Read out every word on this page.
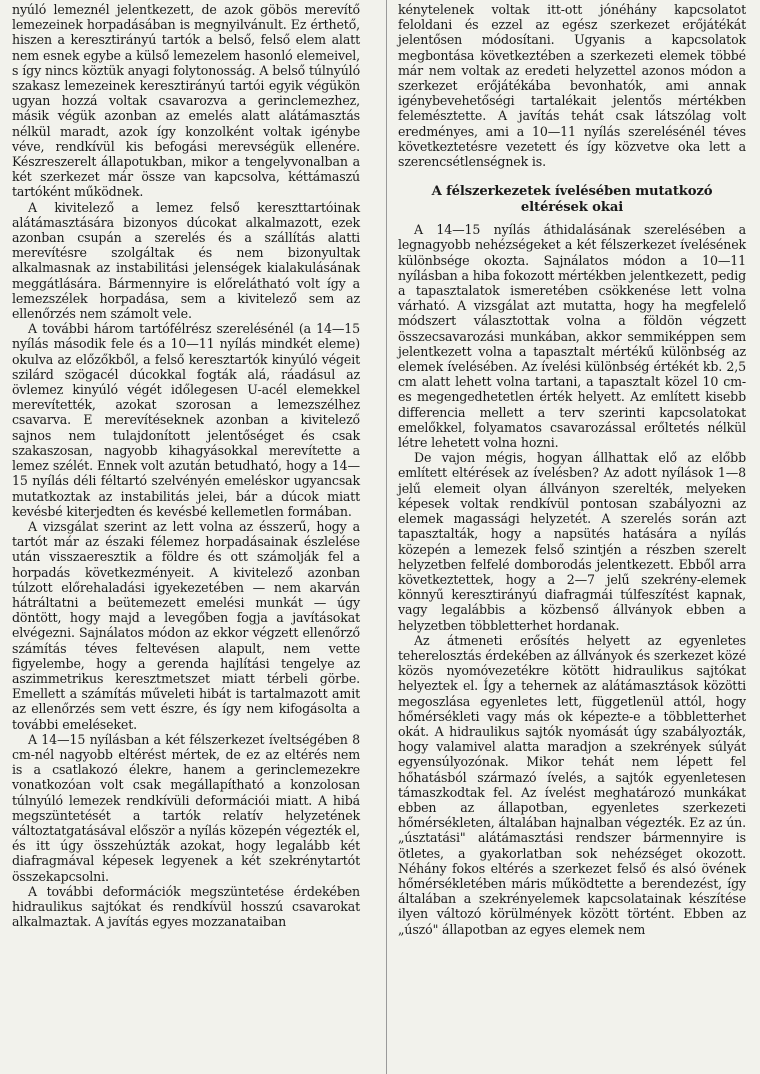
nyúló lemeznél jelentkezett, de azok göbös merevítő lemezeinek horpadásában is megnyilvánult. Ez érthető, hiszen a keresztirányú tartók a belső, felső elem alatt nem esnek egybe a külső lemezelem hasonló elemeivel, s így nincs köztük anyagi folytonosság. A belső túlnyúló szakasz lemezeinek keresztirányú tartói egyik végükön ugyan hozzá voltak csavarozva a gerinclemezhez, másik végük azonban az emelés alatt alátámasztás nélkül maradt, azok így konzolként voltak igénybe véve, rendkívül kis befogási merevségük ellenére. Készreszerelt állapotukban, mikor a tengelyvonalban a két szerkezet már össze van kapcsolva, kéttámaszú tartóként működnek.

A kivitelező a lemez felső kereszttartóinak alátámasztására bizonyos dúcokat alkalmazott, ezek azonban csupán a szerelés és a szállítás alatti merevítésre szolgáltak és nem bizonyultak alkalmasnak az instabilitási jelenségek kialakulásának meggátlására. Bármennyire is előrelátható volt így a lemezszélek horpadása, sem a kivitelező sem az ellenőrzés nem számolt vele.

A további három tartófélrész szerelésénél (a 14—15 nyílás második fele és a 10—11 nyílás mindkét eleme) okulva az előzőkből, a felső keresztartók kinyúló végeit szilárd szögacél dúcokkal fogták alá, ráadásul az övlemez kinyúló végét időlegesen U-acél elemekkel merevítették, azokat szorosan a lemezszélhez csavarva. E merevítéseknek azonban a kivitelező sajnos nem tulajdonított jelentőséget és csak szakaszosan, nagyobb kihagyásokkal merevítette a lemez szélét. Ennek volt azután betudható, hogy a 14—15 nyílás déli féltartó szelvényén emeléskor ugyancsak mutatkoztak az instabilitás jelei, bár a dúcok miatt kevésbé kiterjedten és kevésbé kellemetlen formában.

A vizsgálat szerint az lett volna az ésszerű, hogy a tartót már az északi félemez horpadásainak észlelése után visszaeresztik a földre és ott számolják fel a horpadás következményeit. A kivitelező azonban túlzott előrehaladási igyekezetében — nem akarván hátráltatni a beütemezett emelési munkát — úgy döntött, hogy majd a levegőben fogja a javításokat elvégezni. Sajnálatos módon az ekkor végzett ellenőrző számítás téves feltevésen alapult, nem vette figyelembe, hogy a gerenda hajlítási tengelye az aszimmetrikus keresztmetszet miatt térbeli görbe. Emellett a számítás műveleti hibát is tartalmazott amit az ellenőrzés sem vett észre, és így nem kifogásolta a további emeléseket.

A 14—15 nyílásban a két félszerkezet íveltségében 8 cm-nél nagyobb eltérést mértek, de ez az eltérés nem is a csatlakozó élekre, hanem a gerinclemezekre vonatkozóan volt csak megállapítható a konzolosan túlnyúló lemezek rendkívüli deformációi miatt. A hibá megszüntetését a tartók relatív helyzetének változtatgatásával először a nyílás közepén végezték el, és itt úgy összehúzták azokat, hogy legalább két diafragmával képesek legyenek a két szekrénytartót összekapcsolni.

A további deformációk megszüntetése érdekében hidraulikus sajtókat és rendkívül hosszú csavarokat alkalmaztak. A javítás egyes mozzanataiban

kénytelenek voltak itt-ott jónéhány kapcsolatot feloldani és ezzel az egész szerkezet erőjátékát jelentősen módosítani. Ugyanis a kapcsolatok megbontása következtében a szerkezeti elemek többé már nem voltak az eredeti helyzettel azonos módon a szerkezet erőjátékába bevonhatók, ami annak igénybevehetőségi tartalékait jelentős mértékben felemésztette. A javítás tehát csak látszólag volt eredményes, ami a 10—11 nyílás szerelésénél téves következtetésre vezetett és így közvetve oka lett a szerencsétlenségnek is.

A félszerkezetek ívelésében mutatkozó eltérések okai

A 14—15 nyílás áthidalásának szerelésében a legnagyobb nehézségeket a két félszerkezet ívelésének különbsége okozta. Sajnálatos módon a 10—11 nyílásban a hiba fokozott mértékben jelentkezett, pedig a tapasztalatok ismeretében csökkenése lett volna várható. A vizsgálat azt mutatta, hogy ha megfelelő módszert választottak volna a földön végzett összecsavarozási munkában, akkor semmiképpen sem jelentkezett volna a tapasztalt mértékű különbség az elemek ívelésében. Az ívelési különbség értékét kb. 2,5 cm alatt lehett volna tartani, a tapasztalt közel 10 cm-es megengedhetetlen érték helyett. Az említett kisebb differencia mellett a terv szerinti kapcsolatokat emelőkkel, folyamatos csavarozással erőltetés nélkül létre lehetett volna hozni.

De vajon mégis, hogyan állhattak elő az előbb említett eltérések az ívelésben? Az adott nyílások 1—8 jelű elemeit olyan állványon szerelték, melyeken képesek voltak rendkívül pontosan szabályozni az elemek magassági helyzetét. A szerelés során azt tapasztalták, hogy a napsütés hatására a nyílás közepén a lemezek felső szintjén a részben szerelt helyzetben felfelé domborodás jelentkezett. Ebből arra következtettek, hogy a 2—7 jelű szekrény-elemek könnyű keresztirányú diafragmái túlfeszítést kapnak, vagy legalábbis a közbenső állványok ebben a helyzetben többletterhet hordanak.

Az átmeneti erősítés helyett az egyenletes teherelosztás érdekében az állványok és szerkezet közé közös nyomóvezetékre kötött hidraulikus sajtókat helyeztek el. Így a tehernek az alátámasztások közötti megoszlása egyenletes lett, függetlenül attól, hogy hőmérsékleti vagy más ok képezte-e a többletterhet okát. A hidraulikus sajtók nyomását úgy szabályozták, hogy valamivel alatta maradjon a szekrények súlyát egyensúlyozónak. Mikor tehát nem lépett fel hőhatásból származó ívelés, a sajtók egyenletesen támaszkodtak fel. Az ívelést meghatározó munkákat ebben az állapotban, egyenletes szerkezeti hőmérsékleten, általában hajnalban végezték. Ez az ún. „úsztatási" alátámasztási rendszer bármennyire is ötletes, a gyakorlatban sok nehézséget okozott. Néhány fokos eltérés a szerkezet felső és alsó övének hőmérsékletében máris működtette a berendezést, így általában a szekrényelemek kapcsolatainak készítése ilyen változó körülmények között történt. Ebben az „úszó" állapotban az egyes elemek nem
